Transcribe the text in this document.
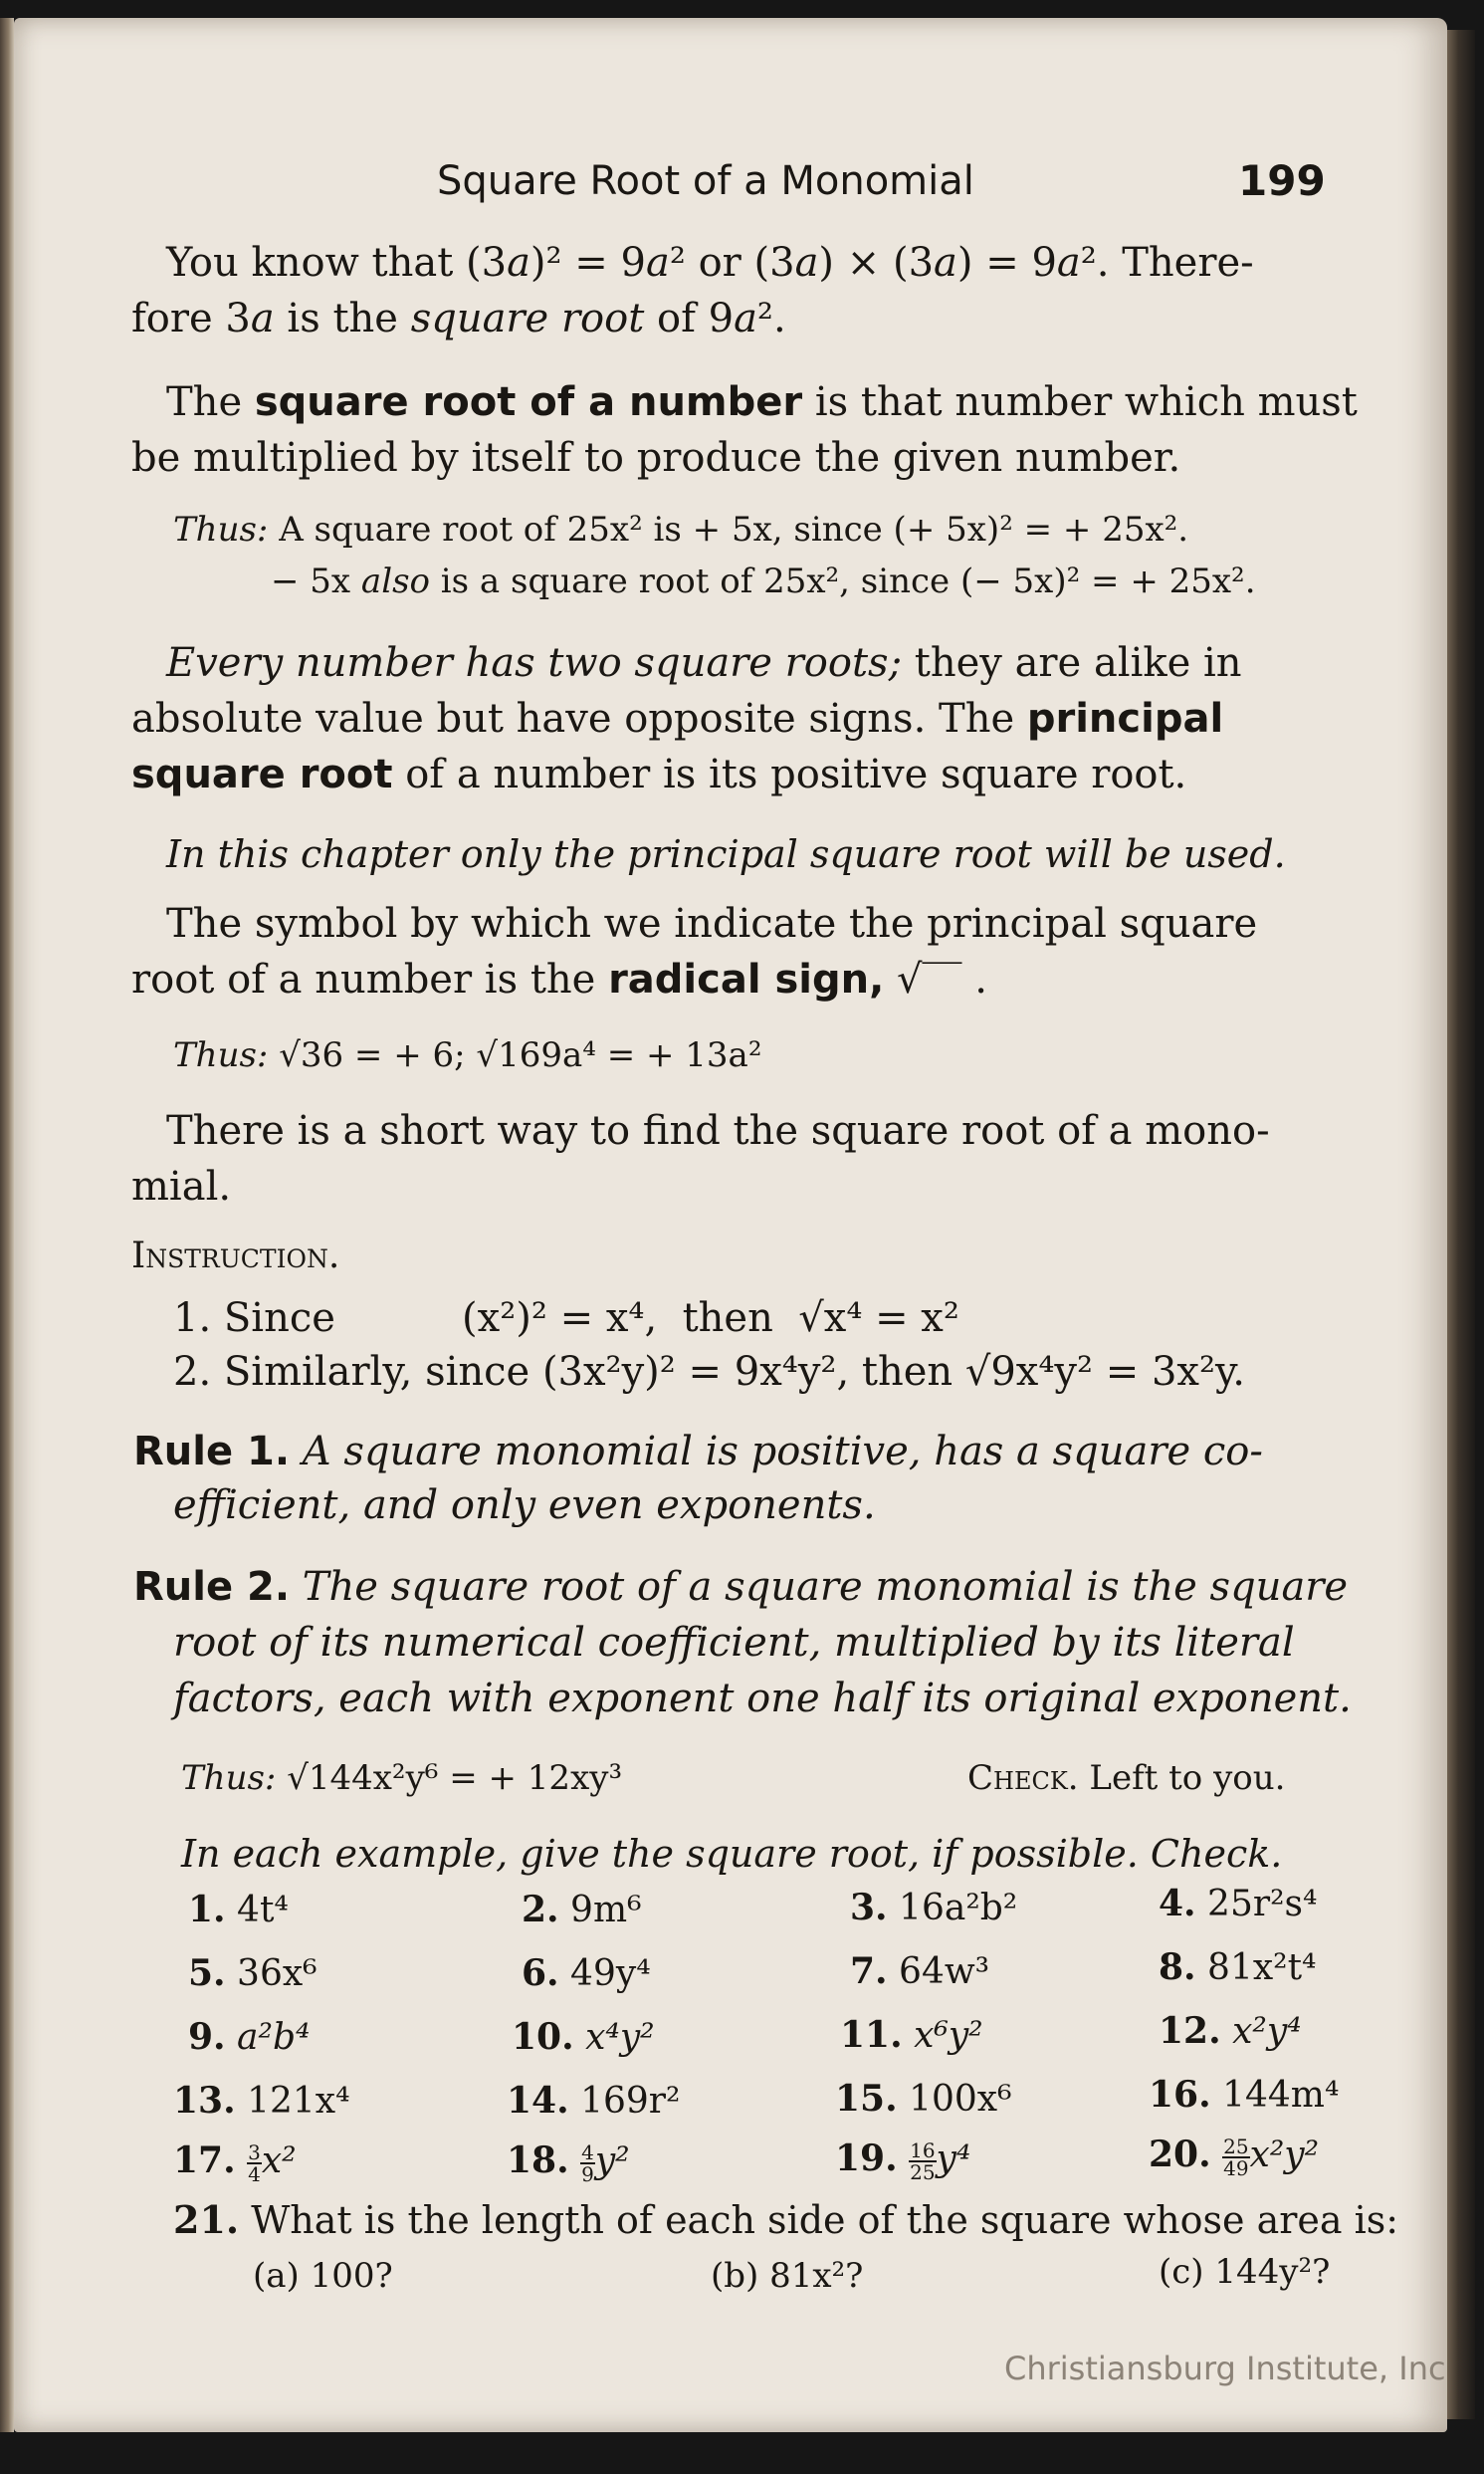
Square Root of a Monomial	199
You know that (3a)² = 9a² or (3a) × (3a) = 9a². There-
fore 3a is the square root of 9a².
The square root of a number is that number which must
be multiplied by itself to produce the given number.
Thus: A square root of 25x² is + 5x, since (+ 5x)² = + 25x².
− 5x also is a square root of 25x², since (− 5x)² = + 25x².
Every number has two square roots; they are alike in
absolute value but have opposite signs. The principal
square root of a number is its positive square root.
In this chapter only the principal square root will be used.
The symbol by which we indicate the principal square
root of a number is the radical sign, √‾‾ .
Thus: √36 = + 6; √169a⁴ = + 13a²
There is a short way to find the square root of a mono-
mial.
Instruction.
1. Since          (x²)² = x⁴,  then  √x⁴ = x²
2. Similarly, since (3x²y)² = 9x⁴y², then √9x⁴y² = 3x²y.
Rule 1. A square monomial is positive, has a square co-
efficient, and only even exponents.
Rule 2. The square root of a square monomial is the square
root of its numerical coefficient, multiplied by its literal
factors, each with exponent one half its original exponent.
Thus: √144x²y⁶ = + 12xy³	Check. Left to you.
In each example, give the square root, if possible. Check.
1. 4t⁴	2. 9m⁶	3. 16a²b²	4. 25r²s⁴
5. 36x⁶	6. 49y⁴	7. 64w³	8. 81x²t⁴
9. a²b⁴	10. x⁴y²	11. x⁶y²	12. x²y⁴
13. 121x⁴	14. 169r²	15. 100x⁶	16. 144m⁴
17. $\frac{3}{4} x^2$	18. $\frac{4}{9} y^2$	19. $\frac{16}{25} y^4$	20. $\frac{25}{49} x^2y^2$
21. What is the length of each side of the square whose area is:
(a) 100?	(b) 81x²?	(c) 144y²?
Christiansburg Institute, Inc
